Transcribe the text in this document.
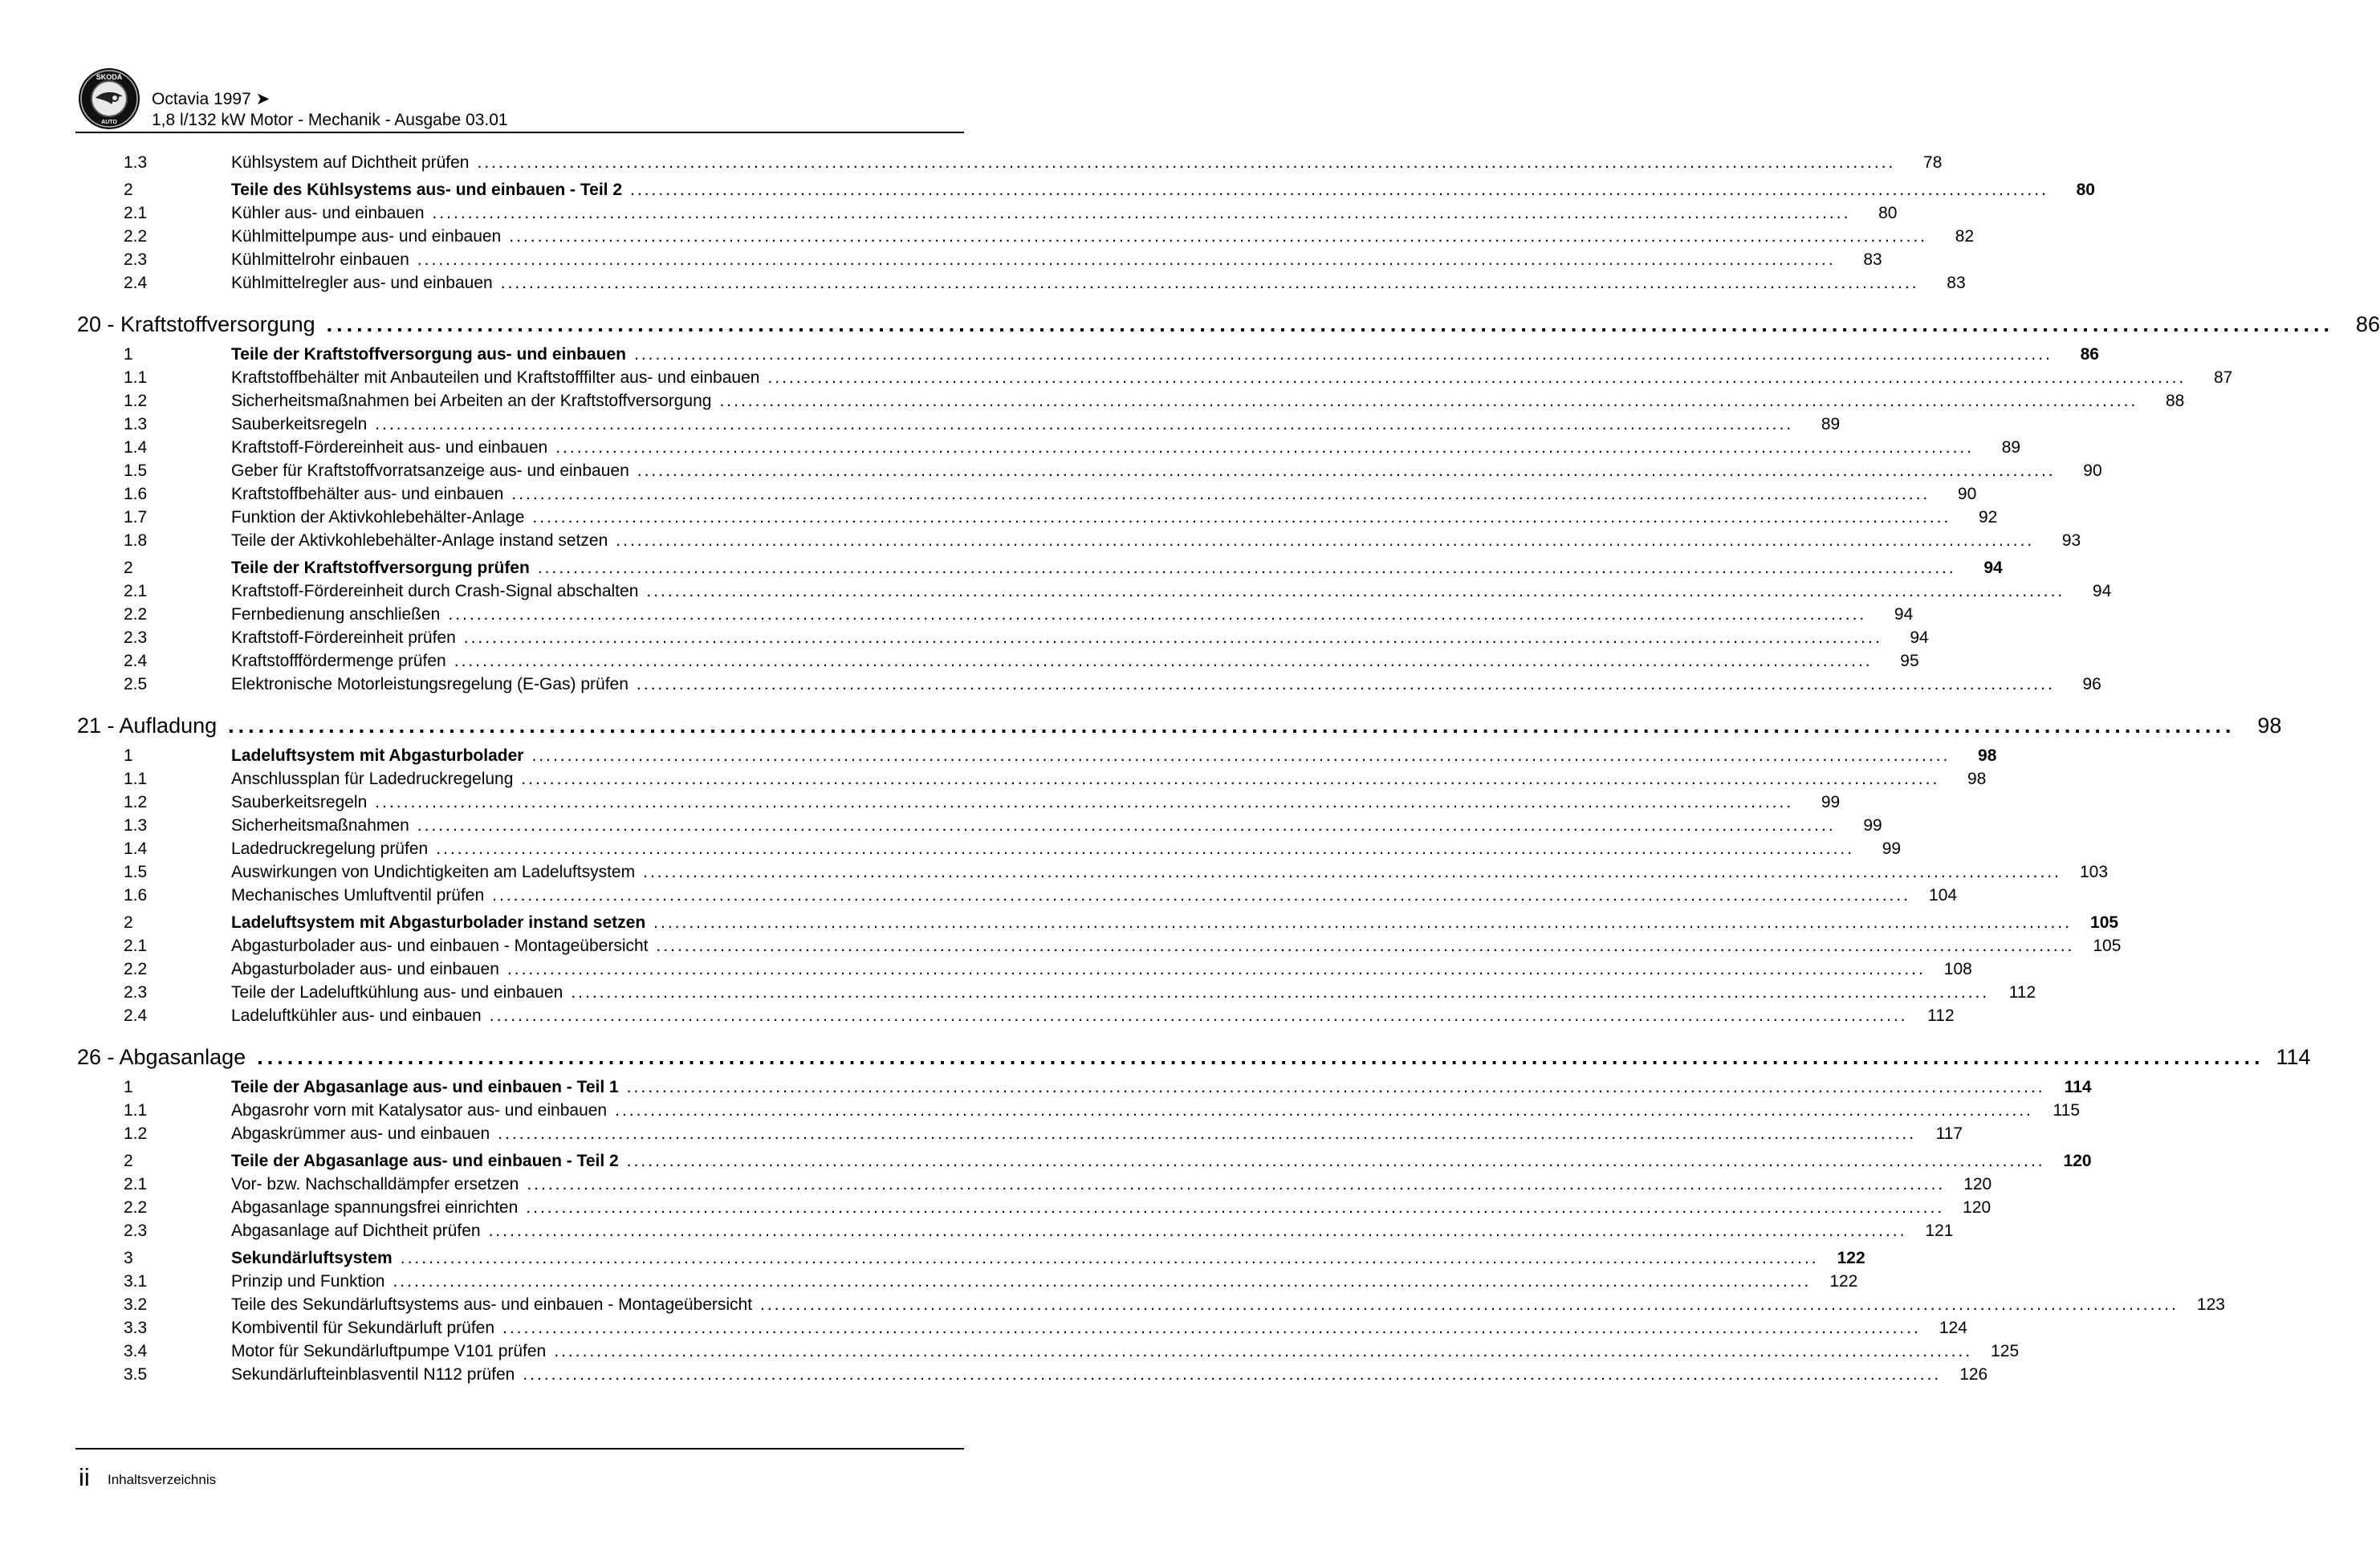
SKODA
AUTO
Octavia 1997 ➤
1,8 l/132 kW Motor - Mechanik - Ausgabe 03.01
1.3	Kühlsystem auf Dichtheit prüfen ........................................................................................................................................................................................................	78
2	Teile des Kühlsystems aus- und einbauen - Teil 2 ........................................................................................................................................................................................................	80
2.1	Kühler aus- und einbauen ........................................................................................................................................................................................................	80
2.2	Kühlmittelpumpe aus- und einbauen ........................................................................................................................................................................................................	82
2.3	Kühlmittelrohr einbauen ........................................................................................................................................................................................................	83
2.4	Kühlmittelregler aus- und einbauen ........................................................................................................................................................................................................	83
20 - Kraftstoffversorgung ........................................................................................................................................................................................................	86
1	Teile der Kraftstoffversorgung aus- und einbauen ........................................................................................................................................................................................................	86
1.1	Kraftstoffbehälter mit Anbauteilen und Kraftstofffilter aus- und einbauen ........................................................................................................................................................................................................	87
1.2	Sicherheitsmaßnahmen bei Arbeiten an der Kraftstoffversorgung ........................................................................................................................................................................................................	88
1.3	Sauberkeitsregeln ........................................................................................................................................................................................................	89
1.4	Kraftstoff-Fördereinheit aus- und einbauen ........................................................................................................................................................................................................	89
1.5	Geber für Kraftstoffvorratsanzeige aus- und einbauen ........................................................................................................................................................................................................	90
1.6	Kraftstoffbehälter aus- und einbauen ........................................................................................................................................................................................................	90
1.7	Funktion der Aktivkohlebehälter-Anlage ........................................................................................................................................................................................................	92
1.8	Teile der Aktivkohlebehälter-Anlage instand setzen ........................................................................................................................................................................................................	93
2	Teile der Kraftstoffversorgung prüfen ........................................................................................................................................................................................................	94
2.1	Kraftstoff-Fördereinheit durch Crash-Signal abschalten ........................................................................................................................................................................................................	94
2.2	Fernbedienung anschließen ........................................................................................................................................................................................................	94
2.3	Kraftstoff-Fördereinheit prüfen ........................................................................................................................................................................................................	94
2.4	Kraftstofffördermenge prüfen ........................................................................................................................................................................................................	95
2.5	Elektronische Motorleistungsregelung (E-Gas) prüfen ........................................................................................................................................................................................................	96
21 - Aufladung ........................................................................................................................................................................................................	98
1	Ladeluftsystem mit Abgasturbolader ........................................................................................................................................................................................................	98
1.1	Anschlussplan für Ladedruckregelung ........................................................................................................................................................................................................	98
1.2	Sauberkeitsregeln ........................................................................................................................................................................................................	99
1.3	Sicherheitsmaßnahmen ........................................................................................................................................................................................................	99
1.4	Ladedruckregelung prüfen ........................................................................................................................................................................................................	99
1.5	Auswirkungen von Undichtigkeiten am Ladeluftsystem ........................................................................................................................................................................................................	103
1.6	Mechanisches Umluftventil prüfen ........................................................................................................................................................................................................	104
2	Ladeluftsystem mit Abgasturbolader instand setzen ........................................................................................................................................................................................................	105
2.1	Abgasturbolader aus- und einbauen - Montageübersicht ........................................................................................................................................................................................................	105
2.2	Abgasturbolader aus- und einbauen ........................................................................................................................................................................................................	108
2.3	Teile der Ladeluftkühlung aus- und einbauen ........................................................................................................................................................................................................	112
2.4	Ladeluftkühler aus- und einbauen ........................................................................................................................................................................................................	112
26 - Abgasanlage ........................................................................................................................................................................................................ 114
1	Teile der Abgasanlage aus- und einbauen - Teil 1 ........................................................................................................................................................................................................	114
1.1	Abgasrohr vorn mit Katalysator aus- und einbauen ........................................................................................................................................................................................................	115
1.2	Abgaskrümmer aus- und einbauen ........................................................................................................................................................................................................	117
2	Teile der Abgasanlage aus- und einbauen - Teil 2 ........................................................................................................................................................................................................	120
2.1	Vor- bzw. Nachschalldämpfer ersetzen ........................................................................................................................................................................................................	120
2.2	Abgasanlage spannungsfrei einrichten ........................................................................................................................................................................................................	120
2.3	Abgasanlage auf Dichtheit prüfen ........................................................................................................................................................................................................	121
3	Sekundärluftsystem ........................................................................................................................................................................................................	122
3.1	Prinzip und Funktion ........................................................................................................................................................................................................	122
3.2	Teile des Sekundärluftsystems aus- und einbauen - Montageübersicht ........................................................................................................................................................................................................	123
3.3	Kombiventil für Sekundärluft prüfen ........................................................................................................................................................................................................	124
3.4	Motor für Sekundärluftpumpe V101 prüfen ........................................................................................................................................................................................................	125
3.5	Sekundärlufteinblasventil N112 prüfen ........................................................................................................................................................................................................	126
ii Inhaltsverzeichnis
